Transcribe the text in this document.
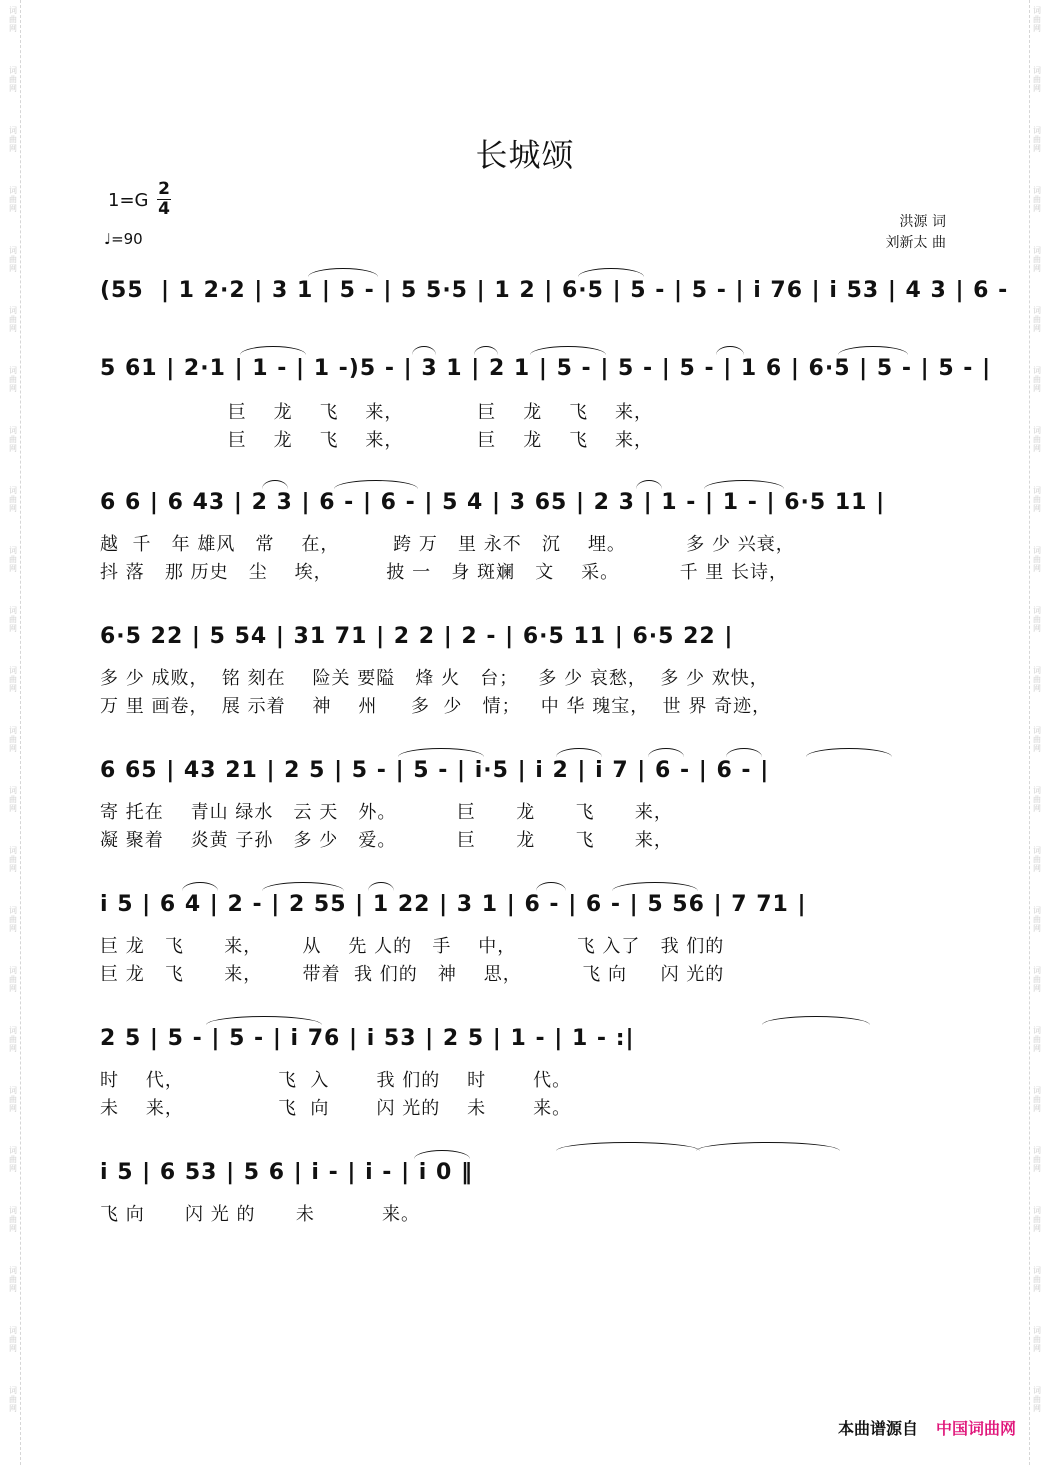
词
曲
网
词
曲
网
词
曲
网
词
曲
网
词
曲
网
词
曲
网
词
曲
网
词
曲
网
词
曲
网
词
曲
网
词
曲
网
词
曲
网
词
曲
网
词
曲
网
词
曲
网
词
曲
网
词
曲
网
词
曲
网
词
曲
网
词
曲
网
词
曲
网
词
曲
网
词
曲
网
词
曲
网
词
曲
网
词
曲
网
词
曲
网
词
曲
网
词
曲
网
词
曲
网
词
曲
网
词
曲
网
词
曲
网
词
曲
网
词
曲
网
词
曲
网
词
曲
网
词
曲
网
词
曲
网
词
曲
网
词
曲
网
词
曲
网
词
曲
网
词
曲
网
词
曲
网
词
曲
网
词
曲
网
词
曲
网
长城颂
$1=G \frac{2}{4}$
♩=90
洪源 词
刘新太 曲
(55  | 1 2·2 | 3 1 | 5 - | 5 5·5 | 1 2 | 6·5 | 5 - | 5 - | i 76 | i 53 | 4 3 | 6 -
5 61 | 2·1 | 1 - | 1 -)5 - | 3 1 | 2 1 | 5 - | 5 - | 5 - | 1 6 | 6·5 | 5 - | 5 - |
巨    龙    飞    来，           巨    龙    飞    来，
巨    龙    飞    来，           巨    龙    飞    来，
6 6 | 6 43 | 2 3 | 6 - | 6 - | 5 4 | 3 65 | 2 3 | 1 - | 1 - | 6·5 11 |
越  千   年 雄风   常    在，        跨 万   里 永不   沉    埋。         多 少 兴衰，
抖 落   那 历史   尘    埃，        披 一   身 斑斓   文    采。         千 里 长诗，
6·5 22 | 5 54 | 31 71 | 2 2 | 2 - | 6·5 11 | 6·5 22 |
多 少 成败，  铭 刻在    险关 要隘   烽 火   台；   多 少 哀愁，  多 少 欢快，
万 里 画卷，  展 示着    神    州     多  少   情；   中 华 瑰宝，  世 界 奇迹，
6 65 | 43 21 | 2 5 | 5 - | 5 - | i·5 | i 2 | i 7 | 6 - | 6 - |
寄 托在    青山 绿水   云 天   外。         巨      龙      飞      来，
凝 聚着    炎黄 子孙   多 少   爱。         巨      龙      飞      来，
i 5 | 6 4 | 2 - | 2 55 | 1 22 | 3 1 | 6 - | 6 - | 5 56 | 7 71 |
巨 龙   飞      来，      从    先 人的   手    中，         飞 入了   我 们的
巨 龙   飞      来，      带着  我 们的   神    思，         飞 向     闪 光的
2 5 | 5 - | 5 - | i 76 | i 53 | 2 5 | 1 - | 1 - :|
时    代，              飞  入       我 们的    时       代。
未    来，              飞  向       闪 光的    未       来。
i 5 | 6 53 | 5 6 | i - | i - | i 0 ‖
飞 向      闪 光 的      未          来。
本曲谱源自 中国词曲网
